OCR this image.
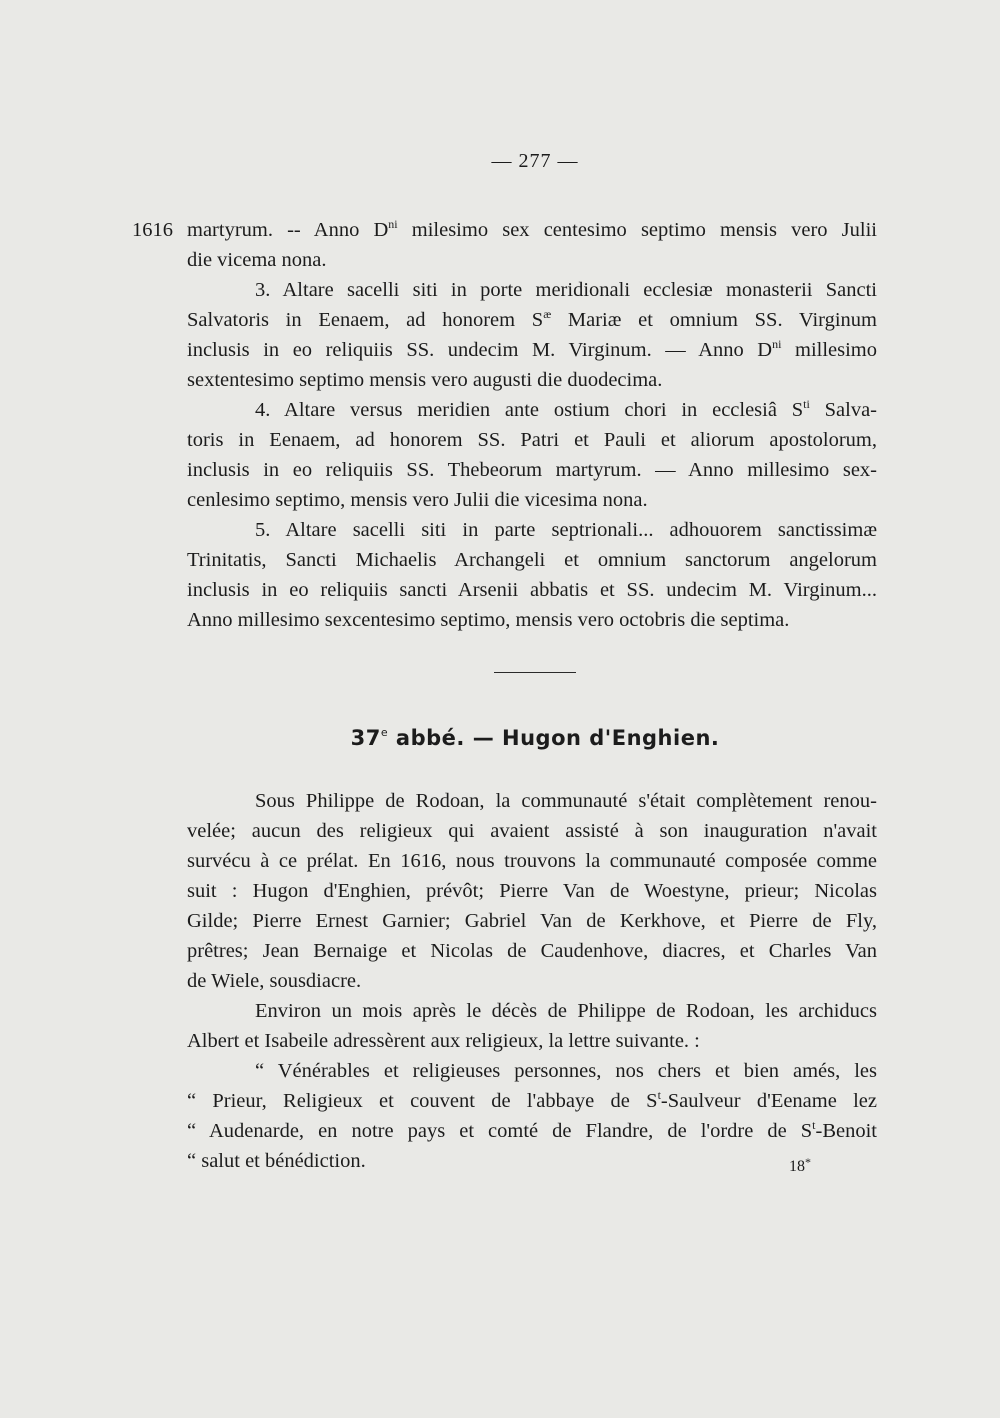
— 277 —
1616 martyrum. -- Anno $D^{ni}$ milesimo sex centesimo septimo mensis vero Julii
die vicema nona.
3. Altare sacelli siti in porte meridionali ecclesiæ monasterii Sancti
Salvatoris in Eenaem, ad honorem $S^æ$ Mariæ et omnium SS. Virginum
inclusis in eo reliquiis SS. undecim M. Virginum. — Anno $D^{ni}$ millesimo
sextentesimo septimo mensis vero augusti die duodecima.
4. Altare versus meridien ante ostium chori in ecclesiâ $S^{ti}$ Salva-
toris in Eenaem, ad honorem SS. Patri et Pauli et aliorum apostolorum,
inclusis in eo reliquiis SS. Thebeorum martyrum. — Anno millesimo sex-
cenlesimo septimo, mensis vero Julii die vicesima nona.
5. Altare sacelli siti in parte septrionali... adhouorem sanctissimæ
Trinitatis, Sancti Michaelis Archangeli et omnium sanctorum angelorum
inclusis in eo reliquiis sancti Arsenii abbatis et SS. undecim M. Virginum...
Anno millesimo sexcentesimo septimo, mensis vero octobris die septima.
37e abbé. — Hugon d'Enghien.
Sous Philippe de Rodoan, la communauté s'était complètement renou-
velée; aucun des religieux qui avaient assisté à son inauguration n'avait
survécu à ce prélat. En 1616, nous trouvons la communauté composée comme
suit : Hugon d'Enghien, prévôt; Pierre Van de Woestyne, prieur; Nicolas
Gilde; Pierre Ernest Garnier; Gabriel Van de Kerkhove, et Pierre de Fly,
prêtres; Jean Bernaige et Nicolas de Caudenhove, diacres, et Charles Van
de Wiele, sousdiacre.
Environ un mois après le décès de Philippe de Rodoan, les archiducs
Albert et Isabeile adressèrent aux religieux, la lettre suivante. :
“ Vénérables et religieuses personnes, nos chers et bien amés, les
“ Prieur, Religieux et couvent de l'abbaye de $S^t$-Saulveur d'Eename lez
“ Audenarde, en notre pays et comté de Flandre, de l'ordre de $S^t$-Benoit
“ salut et bénédiction.	18*
